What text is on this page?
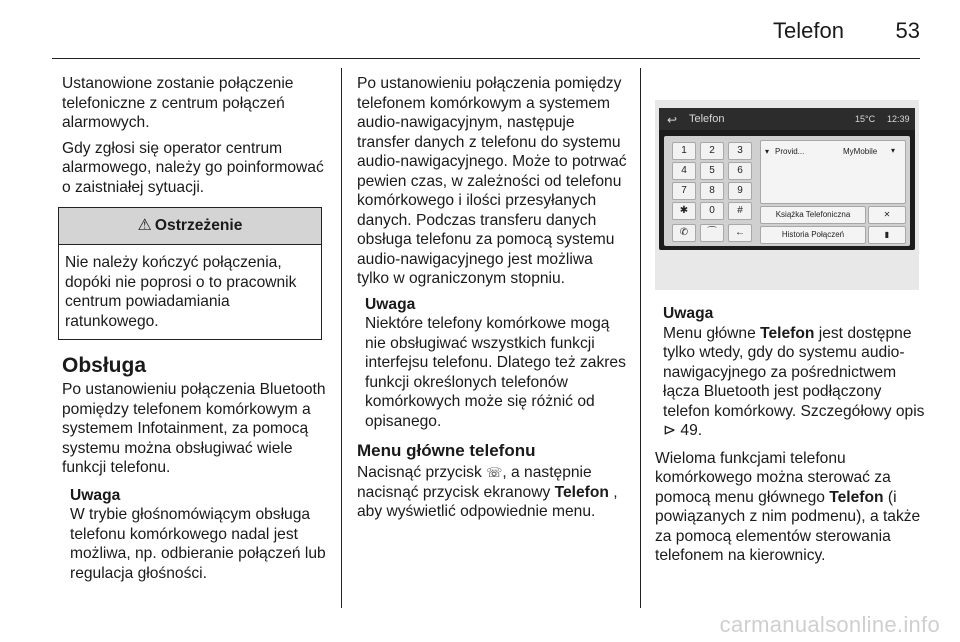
Telefon 53

Ustanowione zostanie połączenie telefoniczne z centrum połączeń alarmowych.

Gdy zgłosi się operator centrum alarmowego, należy go poinformować o zaistniałej sytuacji.

⚠ Ostrzeżenie
Nie należy kończyć połączenia, dopóki nie poprosi o to pracownik centrum powiadamiania ratunkowego.
Obsługa

Po ustanowieniu połączenia Bluetooth pomiędzy telefonem komórkowym a systemem Infotainment, za pomocą systemu można obsługiwać wiele funkcji telefonu.

Uwaga
W trybie głośnomówiącym obsługa telefonu komórkowego nadal jest możliwa, np. odbieranie połączeń lub regulacja głośności.

Po ustanowieniu połączenia pomiędzy telefonem komórkowym a systemem audio-nawigacyjnym, następuje transfer danych z telefonu do systemu audio-nawigacyjnego. Może to potrwać pewien czas, w zależności od telefonu komórkowego i ilości przesyłanych danych. Podczas transferu danych obsługa telefonu za pomocą systemu audio-nawigacyjnego jest możliwa tylko w ograniczonym stopniu.

Uwaga
Niektóre telefony komórkowe mogą nie obsługiwać wszystkich funkcji interfejsu telefonu. Dlatego też zakres funkcji określonych telefonów komórkowych może się różnić od opisanego.
Menu główne telefonu

Nacisnąć przycisk ☏, a następnie nacisnąć przycisk ekranowy Telefon , aby wyświetlić odpowiednie menu.

↩ Telefon	15°C 12:39
1	2	3
4	5	6
7	8	9
✱	0	#
✆	⌒	←
▾ Provid...	MyMobile ▾
Książka Telefoniczna	✕
Historia Połączeń	▮
Uwaga
Menu główne Telefon jest dostępne tylko wtedy, gdy do systemu audio-nawigacyjnego za pośrednictwem łącza Bluetooth jest podłączony telefon komórkowy. Szczegółowy opis ⊳ 49.

Wieloma funkcjami telefonu komórkowego można sterować za pomocą menu głównego Telefon (i powiązanych z nim podmenu), a także za pomocą elementów sterowania telefonem na kierownicy.

carmanualsonline.info
